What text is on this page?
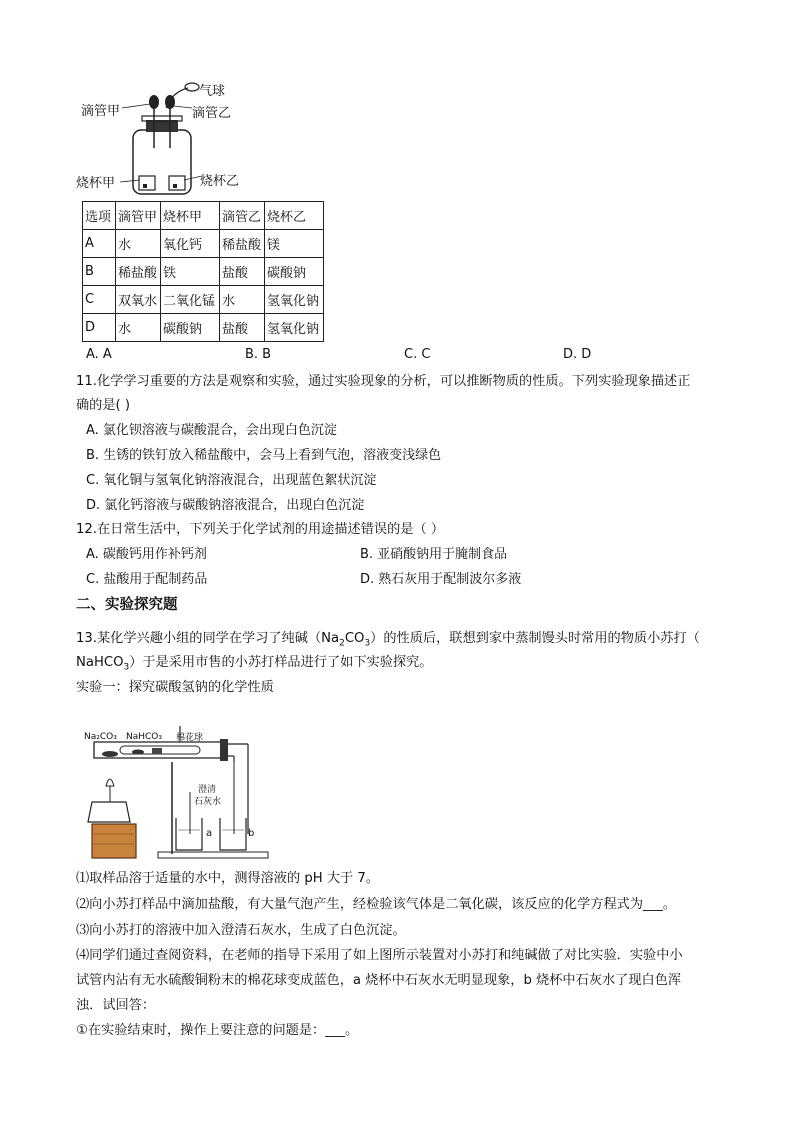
气球
滴管甲	滴管乙
烧杯甲	烧杯乙
选项	滴管甲	烧杯甲	滴管乙	烧杯乙
A	水	氧化钙	稀盐酸	镁
B	稀盐酸	铁	盐酸	碳酸钠
C	双氧水	二氧化锰	水	氢氧化钠
D	水	碳酸钠	盐酸	氢氧化钠
A. A	B. B	C. C	D. D
11.化学学习重要的方法是观察和实验，通过实验现象的分析，可以推断物质的性质。下列实验现象描述正
确的是( )
A. 氯化钡溶液与碳酸混合，会出现白色沉淀
B. 生锈的铁钉放入稀盐酸中，会马上看到气泡，溶液变浅绿色
C. 氧化铜与氢氧化钠溶液混合，出现蓝色絮状沉淀
D. 氯化钙溶液与碳酸钠溶液混合，出现白色沉淀
12.在日常生活中，下列关于化学试剂的用途描述错误的是（ ）
A. 碳酸钙用作补钙剂	B. 亚硝酸钠用于腌制食品
C. 盐酸用于配制药品	D. 熟石灰用于配制波尔多液
二、实验探究题
13.某化学兴趣小组的同学在学习了纯碱$(Na_2CO_3)$的性质后，联想到家中蒸制馒头时常用的物质小苏打（
NaHCO$_3$）于是采用市售的小苏打样品进行了如下实验探究。
实验一：探究碳酸氢钠的化学性质
Na₂CO₃ NaHCO₃ 棉花球
澄清
石灰水
a	b
⑴取样品溶于适量的水中，测得溶液的 pH 大于 7。
⑵向小苏打样品中滴加盐酸，有大量气泡产生，经检验该气体是二氧化碳，该反应的化学方程式为___。
⑶向小苏打的溶液中加入澄清石灰水，生成了白色沉淀。
⑷同学们通过查阅资料，在老师的指导下采用了如上图所示装置对小苏打和纯碱做了对比实验．实验中小
试管内沾有无水硫酸铜粉末的棉花球变成蓝色，a 烧杯中石灰水无明显现象，b 烧杯中石灰水了现白色浑
浊．试回答：
①在实验结束时，操作上要注意的问题是：___。
